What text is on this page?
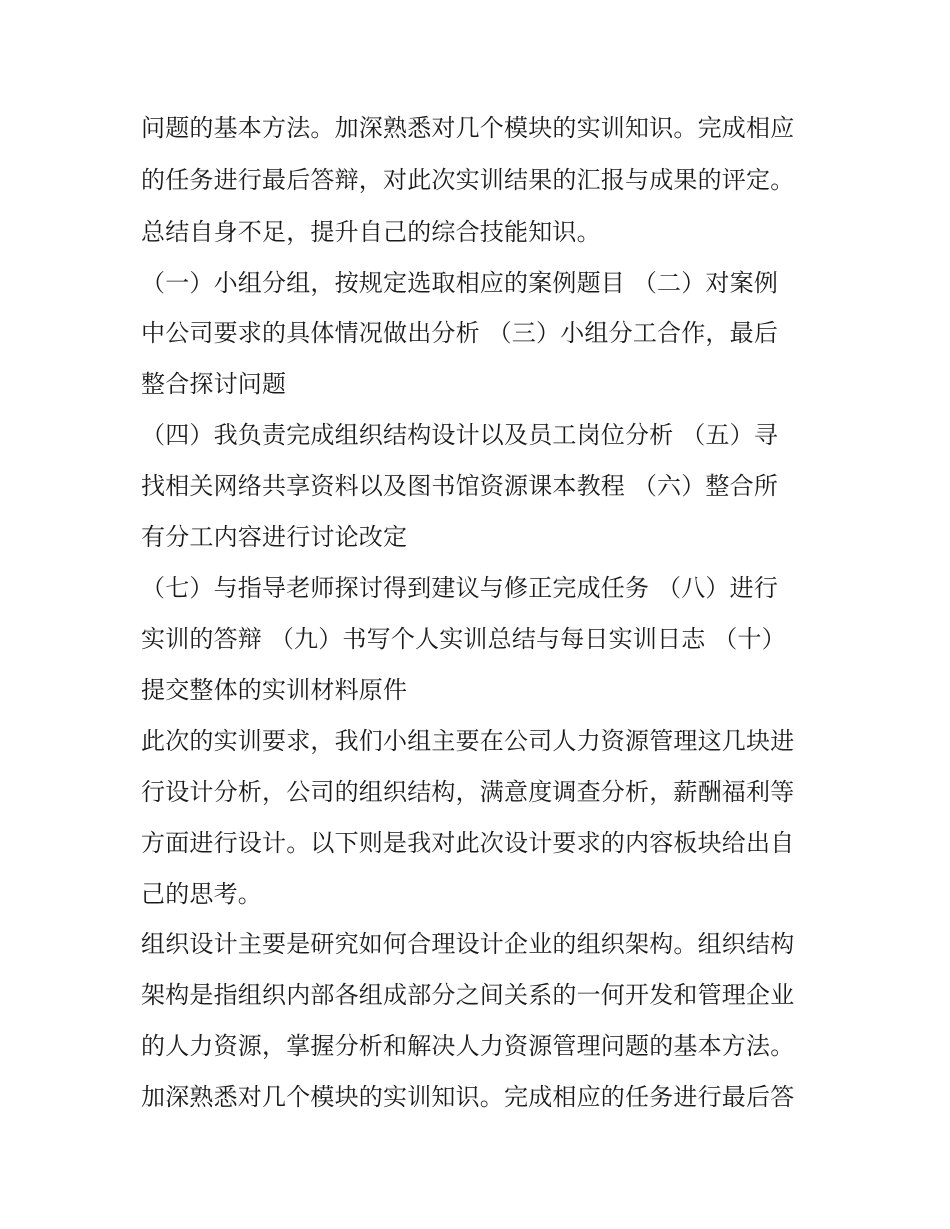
问题的基本方法。加深熟悉对几个模块的实训知识。完成相应
的任务进行最后答辩，对此次实训结果的汇报与成果的评定。
总结自身不足，提升自己的综合技能知识。
（一）小组分组，按规定选取相应的案例题目 （二）对案例
中公司要求的具体情况做出分析 （三）小组分工合作，最后
整合探讨问题
（四）我负责完成组织结构设计以及员工岗位分析 （五）寻
找相关网络共享资料以及图书馆资源课本教程 （六）整合所
有分工内容进行讨论改定
（七）与指导老师探讨得到建议与修正完成任务 （八）进行
实训的答辩 （九）书写个人实训总结与每日实训日志 （十）
提交整体的实训材料原件
此次的实训要求，我们小组主要在公司人力资源管理这几块进
行设计分析，公司的组织结构，满意度调查分析，薪酬福利等
方面进行设计。以下则是我对此次设计要求的内容板块给出自
己的思考。
组织设计主要是研究如何合理设计企业的组织架构。组织结构
架构是指组织内部各组成部分之间关系的一何开发和管理企业
的人力资源，掌握分析和解决人力资源管理问题的基本方法。
加深熟悉对几个模块的实训知识。完成相应的任务进行最后答
